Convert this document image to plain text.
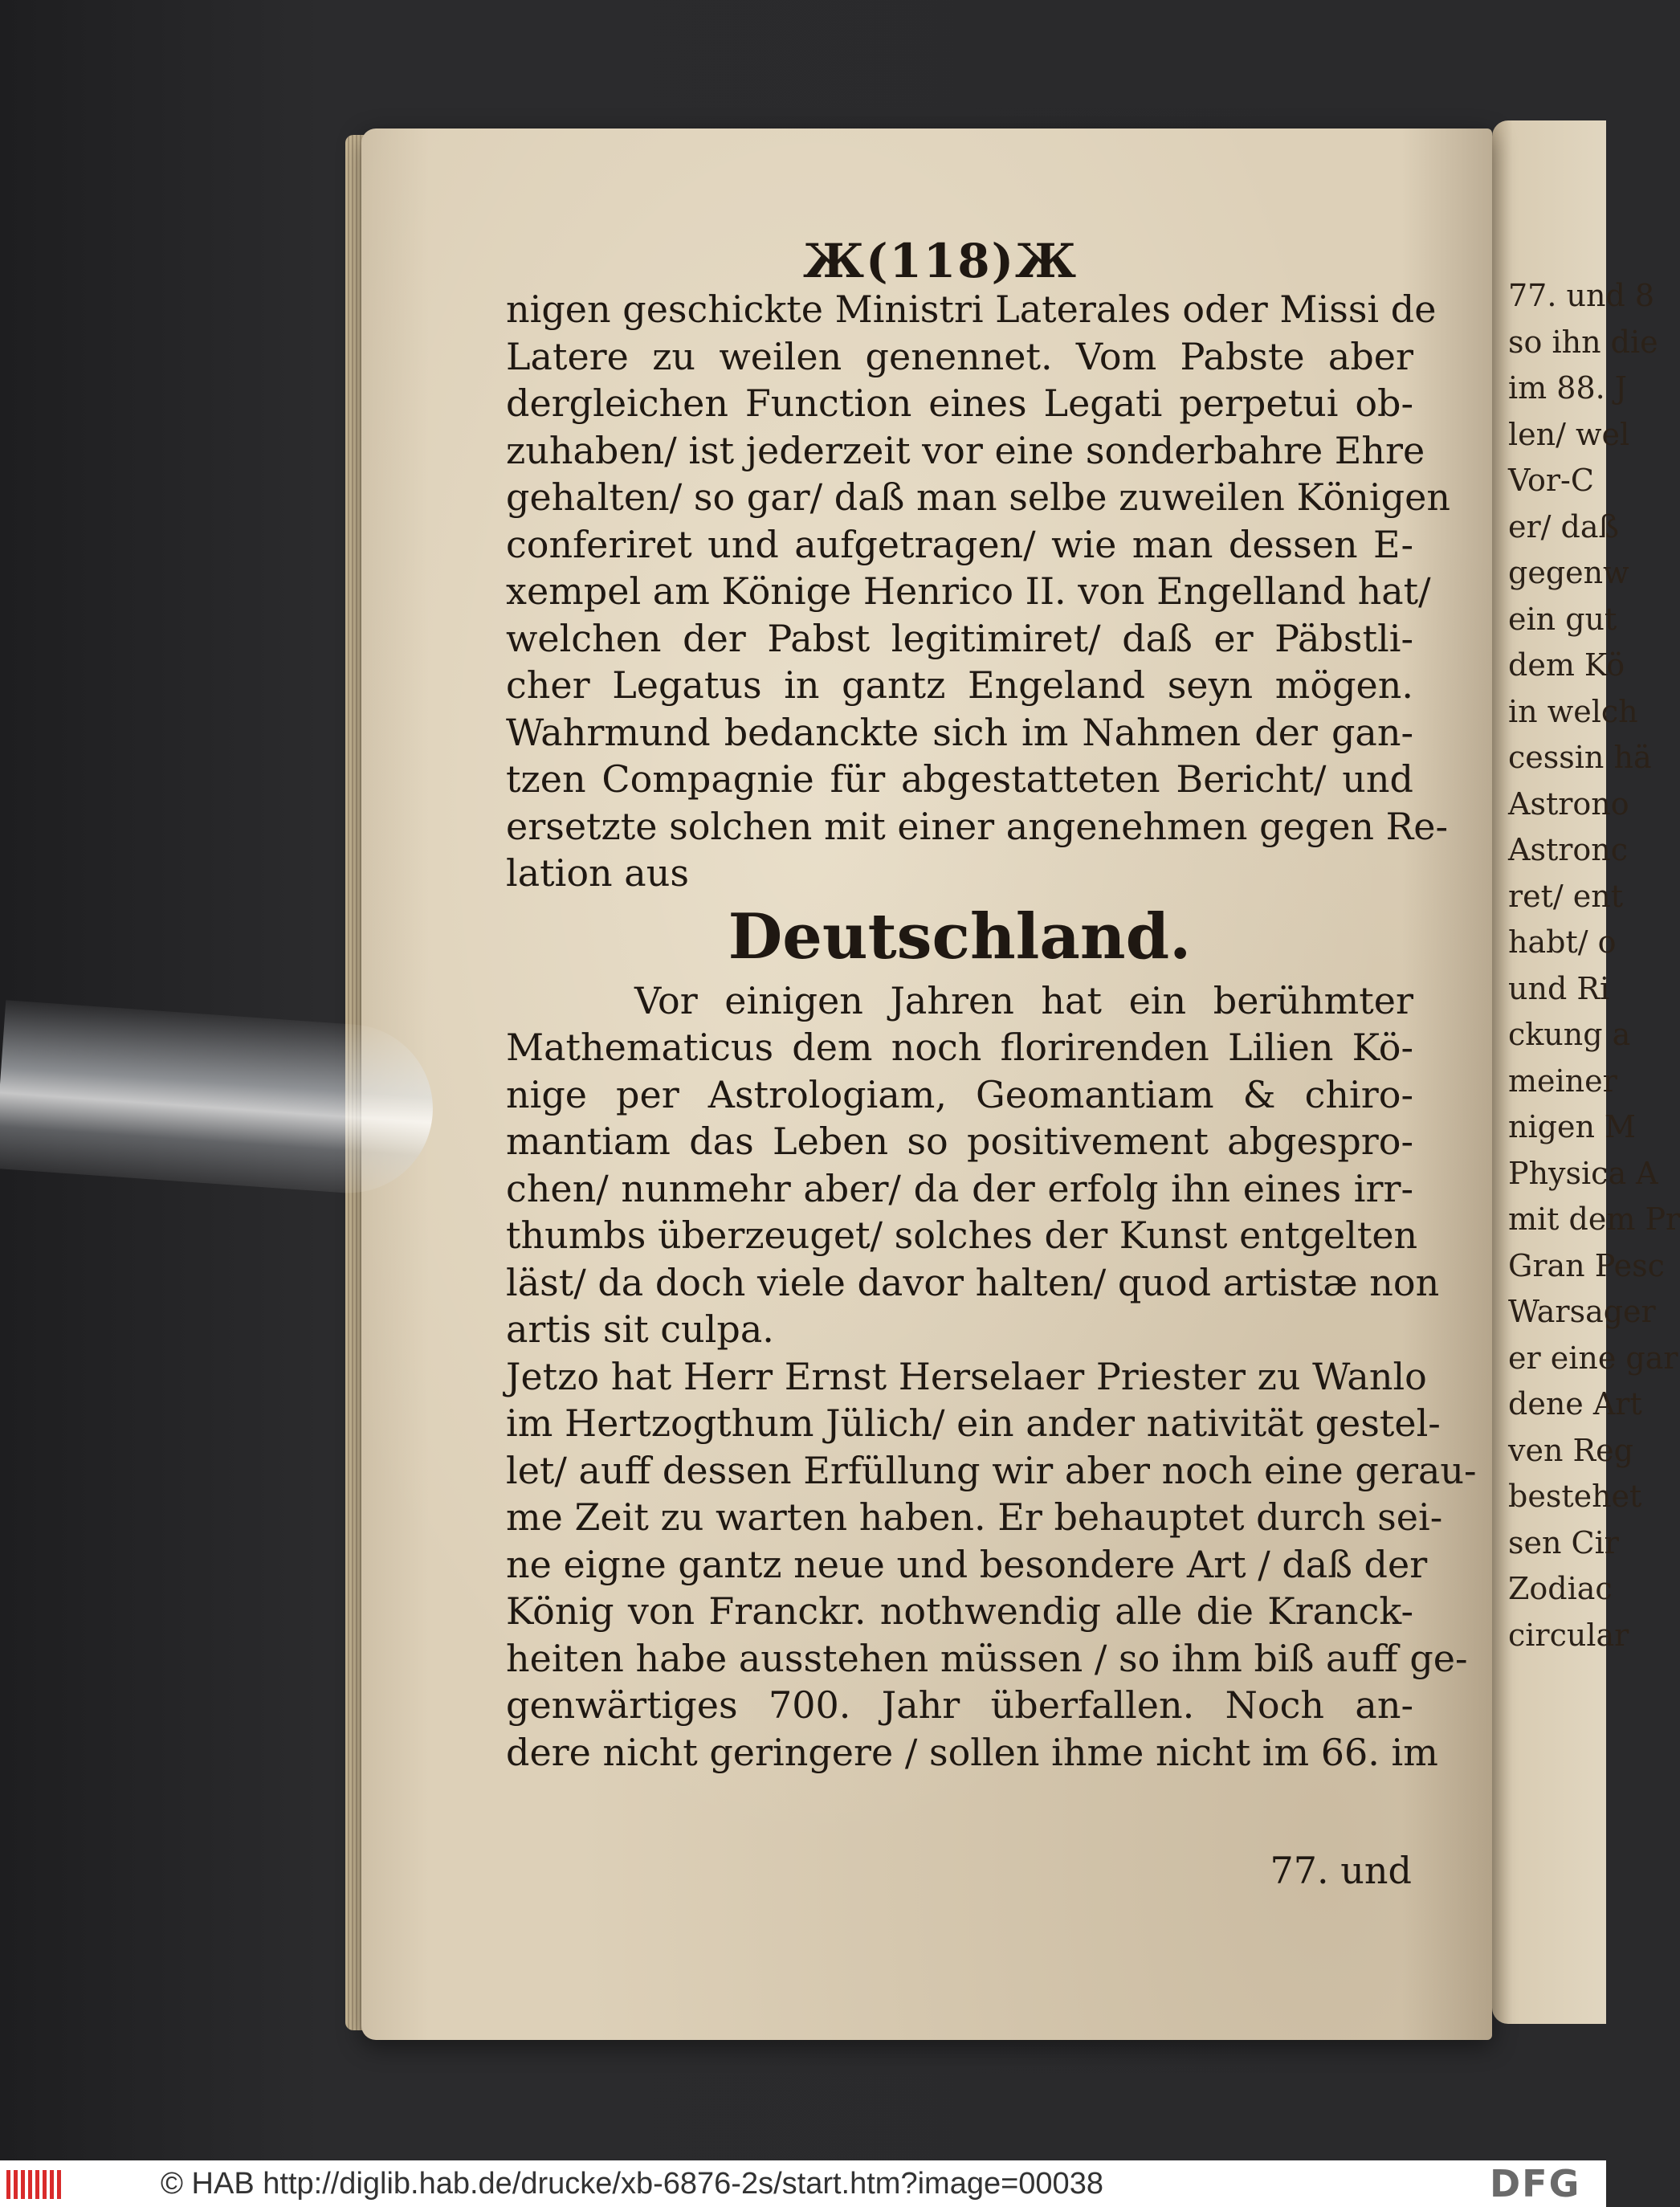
77. und 8
so ihn die
im 88. J
len/ wel
Vor-C
er/ daß
gegenw
ein gut
dem Kö
in welch
cessin hä
Astrono
Astronc
ret/ ent
habt/ o
und Ri
ckung a
meiner
nigen M
Physica A
mit dem Pr
Gran Pesc
Warsager
er eine gar
dene Art
ven Reg
bestehet
sen Cir
Zodiac
circular
Ж(118)Ж
nigen geschickte Ministri Laterales oder Missi de
Latere zu weilen genennet. Vom Pabste aber
dergleichen Function eines Legati perpetui ob-
zuhaben/ ist jederzeit vor eine sonderbahre Ehre
gehalten/ so gar/ daß man selbe zuweilen Königen
conferiret und aufgetragen/ wie man dessen E-
xempel am Könige Henrico II. von Engelland hat/
welchen der Pabst legitimiret/ daß er Päbstli-
cher Legatus in gantz Engeland seyn mögen.
Wahrmund bedanckte sich im Nahmen der gan-
tzen Compagnie für abgestatteten Bericht/ und
ersetzte solchen mit einer angenehmen gegen Re-
lation aus
Deutschland.
Vor einigen Jahren hat ein berühmter
Mathematicus dem noch florirenden Lilien Kö-
nige per Astrologiam, Geomantiam & chiro-
mantiam das Leben so positivement abgespro-
chen/ nunmehr aber/ da der erfolg ihn eines irr-
thumbs überzeuget/ solches der Kunst entgelten
läst/ da doch viele davor halten/ quod artistæ non
artis sit culpa.
Jetzo hat Herr Ernst Herselaer Priester zu Wanlo
im Hertzogthum Jülich/ ein ander nativität gestel-
let/ auff dessen Erfüllung wir aber noch eine gerau-
me Zeit zu warten haben. Er behauptet durch sei-
ne eigne gantz neue und besondere Art / daß der
König von Franckr. nothwendig alle die Kranck-
heiten habe ausstehen müssen / so ihm biß auff ge-
genwärtiges 700. Jahr überfallen. Noch an-
dere nicht geringere / sollen ihme nicht im 66. im
77. und
© HAB http://diglib.hab.de/drucke/xb-6876-2s/start.htm?image=00038	DFG
